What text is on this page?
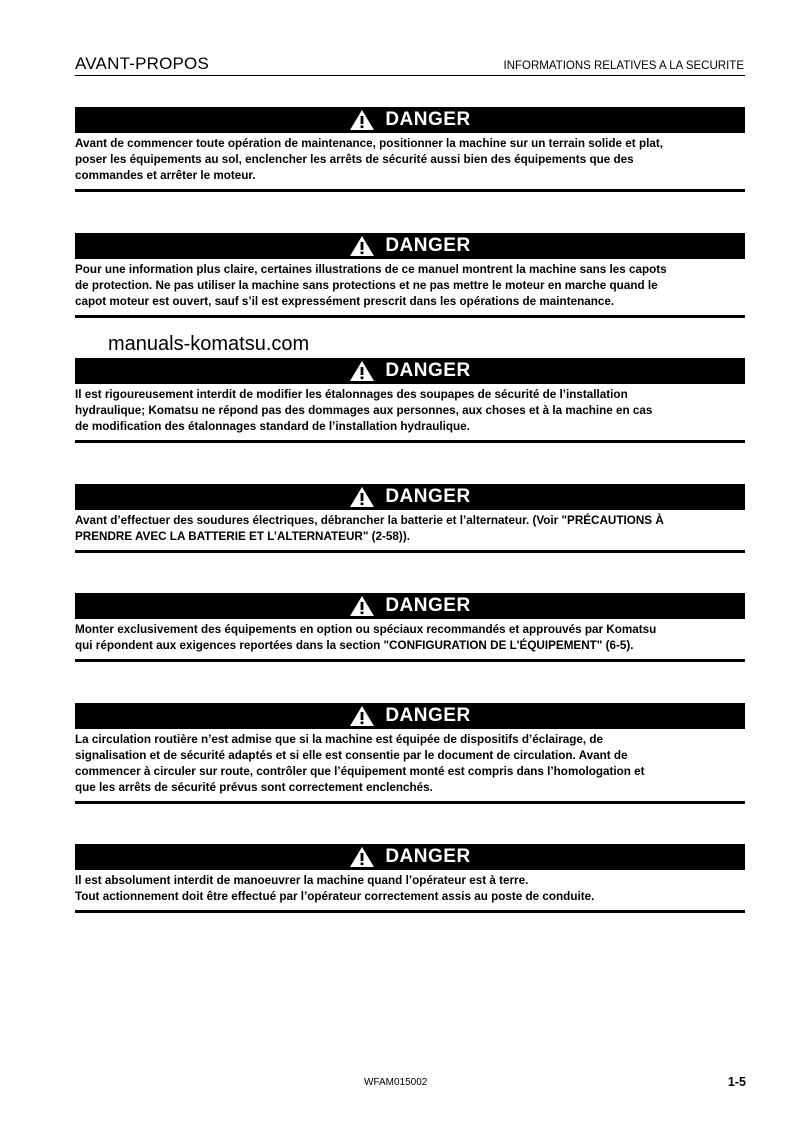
AVANT-PROPOS	INFORMATIONS RELATIVES A LA SECURITE
manuals-komatsu.com
DANGER
Avant de commencer toute opération de maintenance, positionner la machine sur un terrain solide et plat,
poser les équipements au sol, enclencher les arrêts de sécurité aussi bien des équipements que des
commandes et arrêter le moteur.
DANGER
Pour une information plus claire, certaines illustrations de ce manuel montrent la machine sans les capots
de protection. Ne pas utiliser la machine sans protections et ne pas mettre le moteur en marche quand le
capot moteur est ouvert, sauf s’il est expressément prescrit dans les opérations de maintenance.
DANGER
Il est rigoureusement interdit de modifier les étalonnages des soupapes de sécurité de l’installation
hydraulique; Komatsu ne répond pas des dommages aux personnes, aux choses et à la machine en cas
de modification des étalonnages standard de l’installation hydraulique.
DANGER
Avant d’effectuer des soudures électriques, débrancher la batterie et l’alternateur. (Voir "PRÉCAUTIONS À
PRENDRE AVEC LA BATTERIE ET L’ALTERNATEUR" (2-58)).
DANGER
Monter exclusivement des équipements en option ou spéciaux recommandés et approuvés par Komatsu
qui répondent aux exigences reportées dans la section "CONFIGURATION DE L'ÉQUIPEMENT" (6-5).
DANGER
La circulation routière n’est admise que si la machine est équipée de dispositifs d’éclairage, de
signalisation et de sécurité adaptés et si elle est consentie par le document de circulation. Avant de
commencer à circuler sur route, contrôler que l’équipement monté est compris dans l’homologation et
que les arrêts de sécurité prévus sont correctement enclenchés.
DANGER
Il est absolument interdit de manoeuvrer la machine quand l’opérateur est à terre.
Tout actionnement doit être effectué par l’opérateur correctement assis au poste de conduite.
WFAM015002	1-5
